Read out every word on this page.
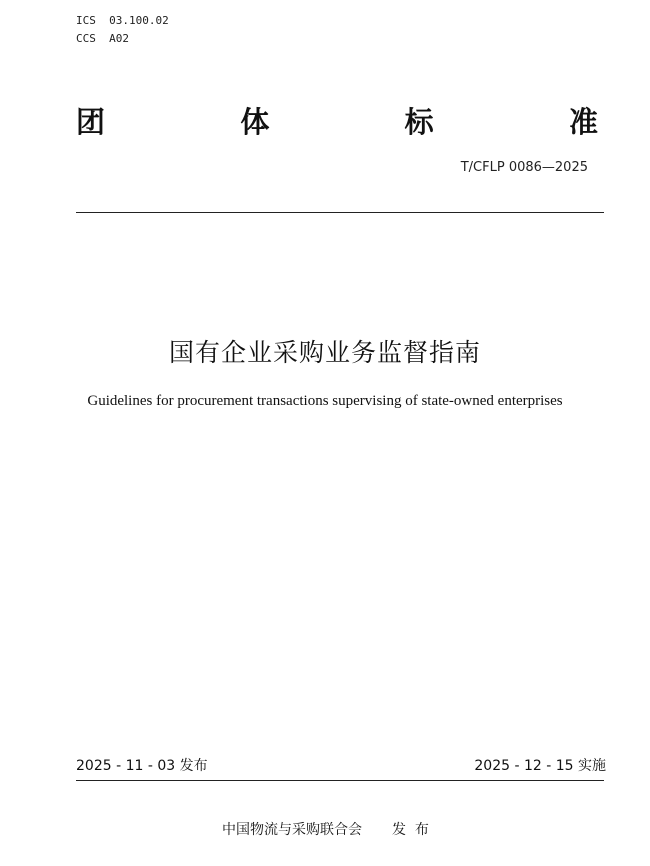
ICS  03.100.02
CCS  A02
团	体	标	准
T/CFLP 0086—2025
国有企业采购业务监督指南
Guidelines for procurement transactions supervising of state-owned enterprises
2025 - 11 - 03 发布	2025 - 12 - 15 实施
中国物流与采购联合会 发  布
